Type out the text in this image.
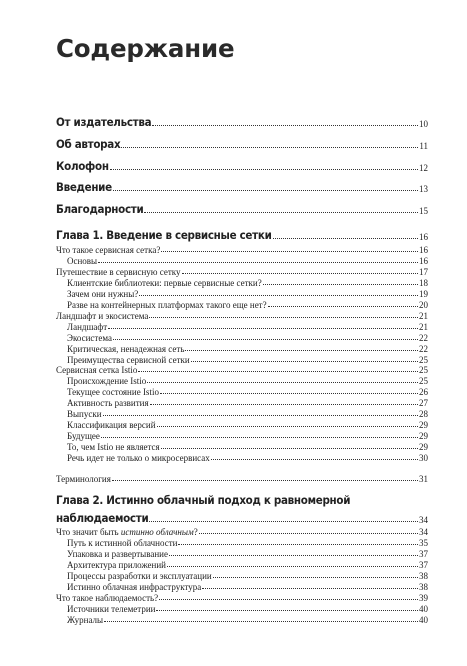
Содержание
От издательства	10
Об авторах	11
Колофон	12
Введение	13
Благодарности	15
Глава 1. Введение в сервисные сетки	16
Что такое сервисная сетка?	16
Основы	16
Путешествие в сервисную сетку	17
Клиентские библиотеки: первые сервисные сетки?	18
Зачем они нужны?	19
Разве на контейнерных платформах такого еще нет?	20
Ландшафт и экосистема	21
Ландшафт	21
Экосистема	22
Критическая, ненадежная сеть	22
Преимущества сервисной сетки	25
Сервисная сетка Istio	25
Происхождение Istio	25
Текущее состояние Istio	26
Активность развития	27
Выпуски	28
Классификация версий	29
Будущее	29
То, чем Istio не является	29
Речь идет не только о микросервисах	30
Терминология	31
Глава 2. Истинно облачный подход к равномерной
наблюдаемости	34
Что значит быть истинно облачным?	34
Путь к истинной облачности	35
Упаковка и развертывание	37
Архитектура приложений	37
Процессы разработки и эксплуатации	38
Истинно облачная инфраструктура	38
Что такое наблюдаемость?	39
Источники телеметрии	40
Журналы	40
